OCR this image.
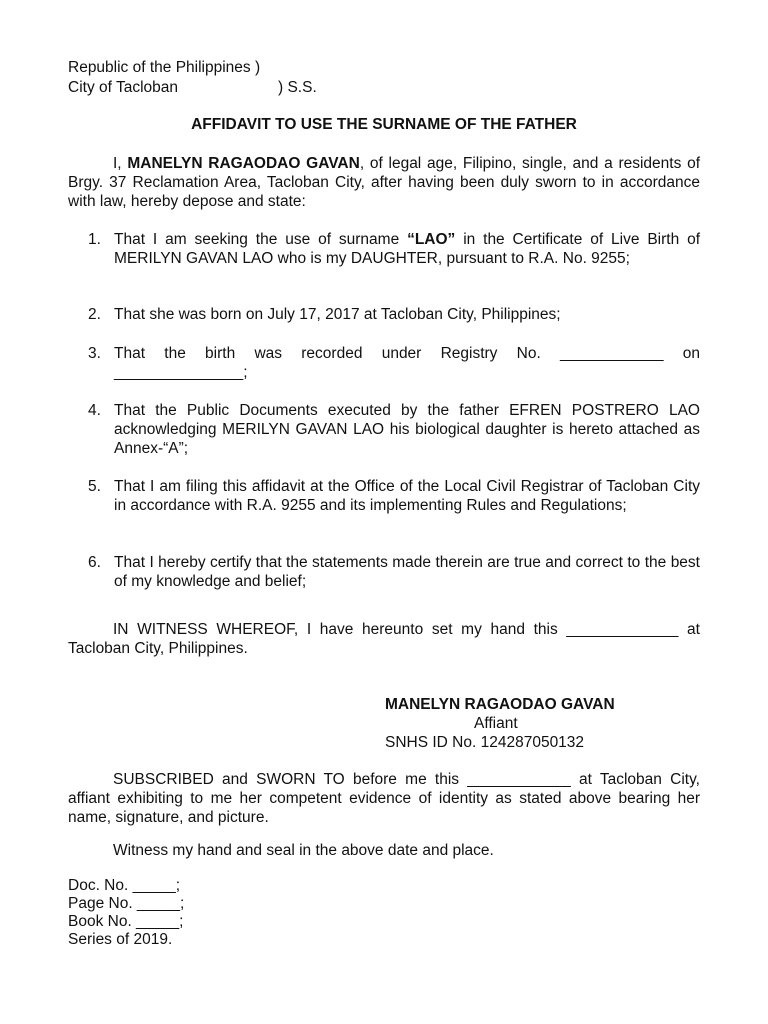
Republic of the Philippines )
City of Tacloban	) S.S.
AFFIDAVIT TO USE THE SURNAME OF THE FATHER
I, MANELYN RAGAODAO GAVAN, of legal age, Filipino, single, and a residents of Brgy. 37 Reclamation Area, Tacloban City, after having been duly sworn to in accordance with law, hereby depose and state:
1. That I am seeking the use of surname “LAO” in the Certificate of Live Birth of MERILYN GAVAN LAO who is my DAUGHTER, pursuant to R.A. No. 9255;
2. That she was born on July 17, 2017 at Tacloban City, Philippines;
3. That the birth was recorded under Registry No. ____________ on _______________;
4. That the Public Documents executed by the father EFREN POSTRERO LAO acknowledging MERILYN GAVAN LAO his biological daughter is hereto attached as Annex-“A”;
5. That I am filing this affidavit at the Office of the Local Civil Registrar of Tacloban City in accordance with R.A. 9255 and its implementing Rules and Regulations;
6. That I hereby certify that the statements made therein are true and correct to the best of my knowledge and belief;
IN WITNESS WHEREOF, I have hereunto set my hand this _____________ at Tacloban City, Philippines.
MANELYN RAGAODAO GAVAN
Affiant
SNHS ID No. 124287050132
SUBSCRIBED and SWORN TO before me this ____________ at Tacloban City, affiant exhibiting to me her competent evidence of identity as stated above bearing her name, signature, and picture.
Witness my hand and seal in the above date and place.
Doc. No. _____;
Page No. _____;
Book No. _____;
Series of 2019.
